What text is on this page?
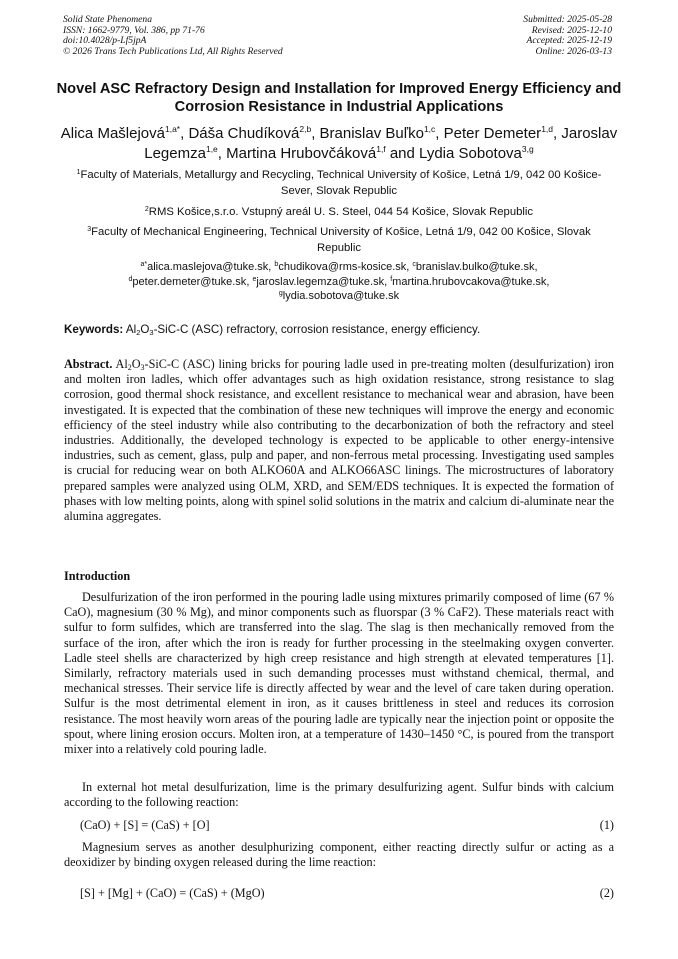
Solid State Phenomena
ISSN: 1662-9779, Vol. 386, pp 71-76
doi:10.4028/p-Lf5jpA
© 2026 Trans Tech Publications Ltd, All Rights Reserved
Submitted: 2025-05-28
Revised: 2025-12-10
Accepted: 2025-12-19
Online: 2026-03-13
Novel ASC Refractory Design and Installation for Improved Energy Efficiency and Corrosion Resistance in Industrial Applications
Alica Mašlejová$^{1,a*}$, Dáša Chudíková$^{2,b}$, Branislav Buľko$^{1,c}$, Peter Demeter$^{1,d}$, Jaroslav Legemza$^{1,e}$, Martina Hrubovčáková$^{1,f}$ and Lydia Sobotova$^{3,g}$
$^1$Faculty of Materials, Metallurgy and Recycling, Technical University of Košice, Letná 1/9, 042 00 Košice-Sever, Slovak Republic
$^2$RMS Košice,s.r.o. Vstupný areál U. S. Steel, 044 54 Košice, Slovak Republic
$^3$Faculty of Mechanical Engineering, Technical University of Košice, Letná 1/9, 042 00 Košice, Slovak Republic
$^{a*}$alica.maslejova@tuke.sk, $^b$chudikova@rms-kosice.sk, $^c$branislav.bulko@tuke.sk,
$^d$peter.demeter@tuke.sk, $^e$jaroslav.legemza@tuke.sk, $^f$martina.hrubovcakova@tuke.sk,
$^g$lydia.sobotova@tuke.sk
Keywords: $Al_2O_3-SiC-C$ (ASC) refractory, corrosion resistance, energy efficiency.
Abstract. $Al_2O_3-SiC-C$ (ASC) lining bricks for pouring ladle used in pre-treating molten (desulfurization) iron and molten iron ladles, which offer advantages such as high oxidation resistance, strong resistance to slag corrosion, good thermal shock resistance, and excellent resistance to mechanical wear and abrasion, have been investigated. It is expected that the combination of these new techniques will improve the energy and economic efficiency of the steel industry while also contributing to the decarbonization of both the refractory and steel industries. Additionally, the developed technology is expected to be applicable to other energy-intensive industries, such as cement, glass, pulp and paper, and non-ferrous metal processing. Investigating used samples is crucial for reducing wear on both ALKO60A and ALKO66ASC linings. The microstructures of laboratory prepared samples were analyzed using OLM, XRD, and SEM/EDS techniques. It is expected the formation of phases with low melting points, along with spinel solid solutions in the matrix and calcium di-aluminate near the alumina aggregates.
Introduction
Desulfurization of the iron performed in the pouring ladle using mixtures primarily composed of lime (67 % CaO), magnesium (30 % Mg), and minor components such as fluorspar (3 % CaF2). These materials react with sulfur to form sulfides, which are transferred into the slag. The slag is then mechanically removed from the surface of the iron, after which the iron is ready for further processing in the steelmaking oxygen converter. Ladle steel shells are characterized by high creep resistance and high strength at elevated temperatures [1]. Similarly, refractory materials used in such demanding processes must withstand chemical, thermal, and mechanical stresses. Their service life is directly affected by wear and the level of care taken during operation. Sulfur is the most detrimental element in iron, as it causes brittleness in steel and reduces its corrosion resistance. The most heavily worn areas of the pouring ladle are typically near the injection point or opposite the spout, where lining erosion occurs. Molten iron, at a temperature of 1430–1450 °C, is poured from the transport mixer into a relatively cold pouring ladle.
In external hot metal desulfurization, lime is the primary desulfurizing agent. Sulfur binds with calcium according to the following reaction:
(CaO) + [S] = (CaS) + [O]	(1)
Magnesium serves as another desulphurizing component, either reacting directly sulfur or acting as a deoxidizer by binding oxygen released during the lime reaction:
[S] + [Mg] + (CaO) = (CaS) + (MgO)	(2)
